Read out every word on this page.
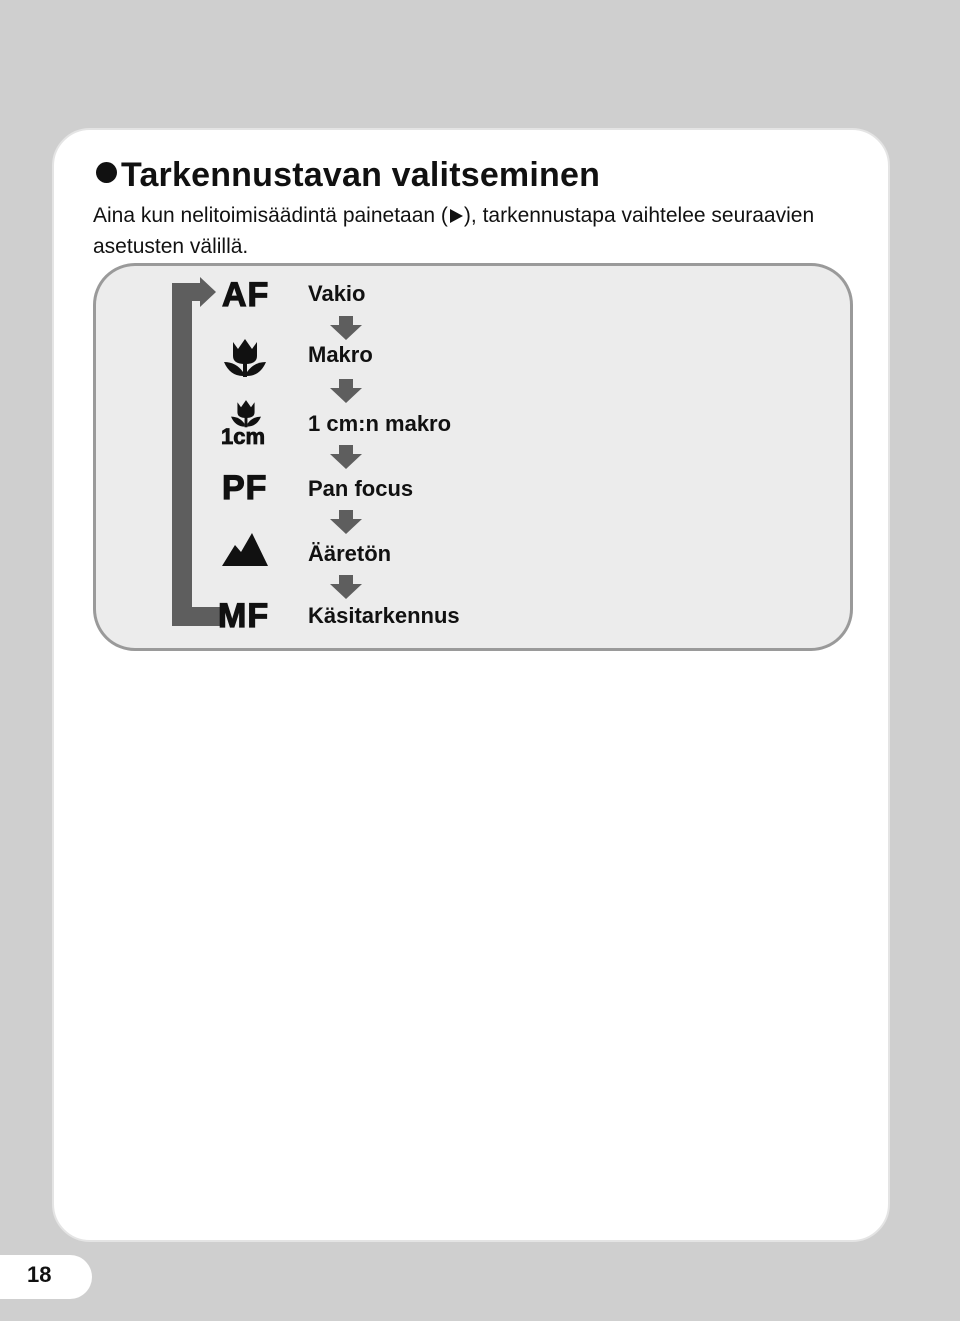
Tarkennustavan valitseminen

Aina kun nelitoimisäädintä painetaan ( ), tarkennustapa vaihtelee seuraavien asetusten välillä.

AF Vakio
Makro
1cm
1 cm:n makro
PF Pan focus
Ääretön
MF Käsitarkennus
18
